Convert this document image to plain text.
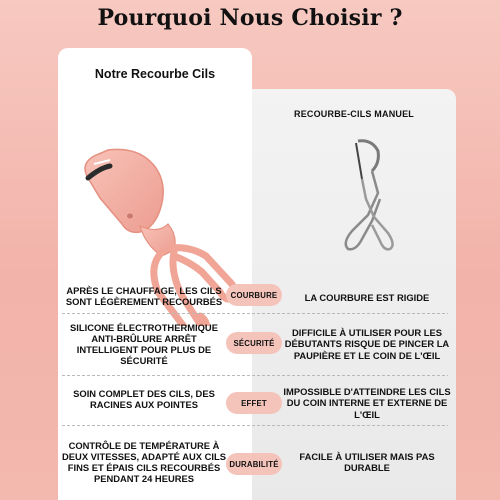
Pourquoi Nous Choisir ?
Notre Recourbe Cils
RECOURBE-CILS MANUEL
APRÈS LE CHAUFFAGE, LES CILS SONT LÉGÈREMENT RECOURBÉS
COURBURE	LA COURBURE EST RIGIDE
SILICONE ÉLECTROTHERMIQUE ANTI-BRÛLURE ARRÊT INTELLIGENT POUR PLUS DE SÉCURITÉ
SÉCURITÉ
DIFFICILE À UTILISER POUR LES DÉBUTANTS RISQUE DE PINCER LA PAUPIÈRE ET LE COIN DE L'ŒIL
SOIN COMPLET DES CILS, DES RACINES AUX POINTES	EFFET
IMPOSSIBLE D'ATTEINDRE LES CILS DU COIN INTERNE ET EXTERNE DE L'ŒIL
CONTRÔLE DE TEMPÉRATURE À DEUX VITESSES, ADAPTÉ AUX CILS FINS ET ÉPAIS CILS RECOURBÉS PENDANT 24 HEURES
DURABILITÉ
FACILE À UTILISER MAIS PAS DURABLE
